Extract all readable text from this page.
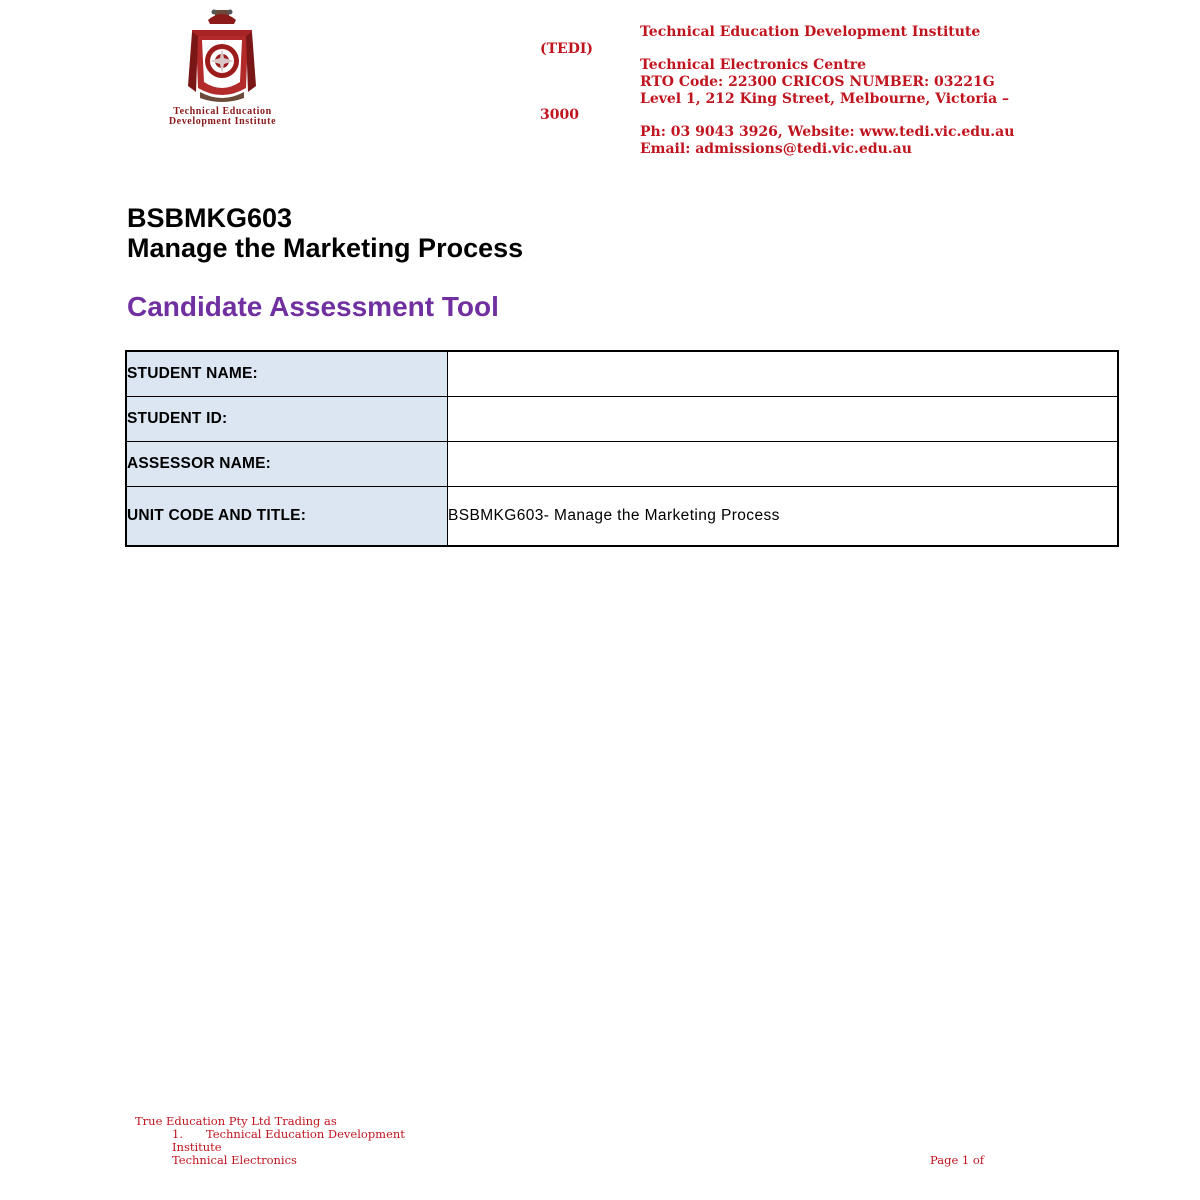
Technical Education
Development Institute
(TEDI)
3000
Technical Education Development Institute
Technical Electronics Centre
RTO Code: 22300 CRICOS NUMBER: 03221G
Level 1, 212 King Street, Melbourne, Victoria –
Ph: 03 9043 3926, Website: www.tedi.vic.edu.au
Email: admissions@tedi.vic.edu.au
BSBMKG603
Manage the Marketing Process
Candidate Assessment Tool
STUDENT NAME:	
STUDENT ID:	
ASSESSOR NAME:	
UNIT CODE AND TITLE:	BSBMKG603- Manage the Marketing Process
True Education Pty Ltd Trading as
1. Technical Education Development
Institute
Technical Electronics	Page 1 of
